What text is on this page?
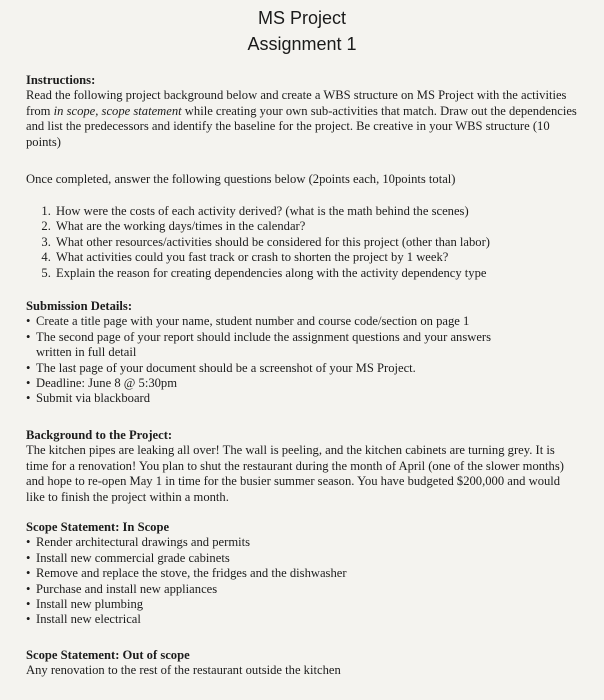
MS Project
Assignment 1

Instructions:

Read the following project background below and create a WBS structure on MS Project with the activities from in scope, scope statement while creating your own sub-activities that match. Draw out the dependencies and list the predecessors and identify the baseline for the project. Be creative in your WBS structure (10 points)

Once completed, answer the following questions below (2points each, 10points total)
1. How were the costs of each activity derived? (what is the math behind the scenes)
2. What are the working days/times in the calendar?
3. What other resources/activities should be considered for this project (other than labor)
4. What activities could you fast track or crash to shorten the project by 1 week?
5. Explain the reason for creating dependencies along with the activity dependency type

Submission Details:

• Create a title page with your name, student number and course code/section on page 1
• The second page of your report should include the assignment questions and your answers written in full detail
• The last page of your document should be a screenshot of your MS Project.
• Deadline: June 8 @ 5:30pm
• Submit via blackboard

Background to the Project:

The kitchen pipes are leaking all over! The wall is peeling, and the kitchen cabinets are turning grey. It is time for a renovation! You plan to shut the restaurant during the month of April (one of the slower months) and hope to re-open May 1 in time for the busier summer season. You have budgeted $200,000 and would like to finish the project within a month.

Scope Statement: In Scope

• Render architectural drawings and permits
• Install new commercial grade cabinets
• Remove and replace the stove, the fridges and the dishwasher
• Purchase and install new appliances
• Install new plumbing
• Install new electrical

Scope Statement: Out of scope

Any renovation to the rest of the restaurant outside the kitchen
